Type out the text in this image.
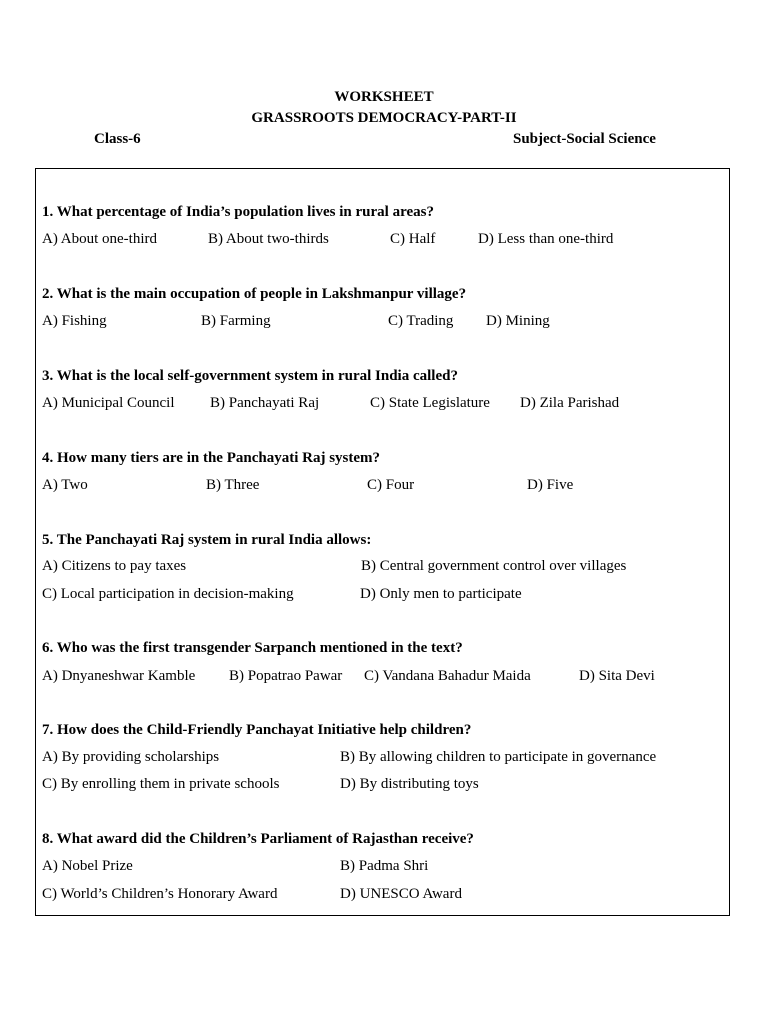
WORKSHEET
GRASSROOTS DEMOCRACY-PART-II
Class-6	Subject-Social Science
1. What percentage of India’s population lives in rural areas?
A) About one-third	B) About two-thirds	C) Half	D) Less than one-third
2. What is the main occupation of people in Lakshmanpur village?
A) Fishing	B) Farming	C) Trading D) Mining
3. What is the local self-government system in rural India called?
A) Municipal Council B) Panchayati Raj	C) State Legislature D) Zila Parishad
4. How many tiers are in the Panchayati Raj system?
A) Two	B) Three	C) Four	D) Five
5. The Panchayati Raj system in rural India allows:
A) Citizens to pay taxes	B) Central government control over villages
C) Local participation in decision-making	D) Only men to participate
6. Who was the first transgender Sarpanch mentioned in the text?
A) Dnyaneshwar Kamble B) Popatrao Pawar C) Vandana Bahadur Maida	D) Sita Devi
7. How does the Child-Friendly Panchayat Initiative help children?
A) By providing scholarships	B) By allowing children to participate in governance
C) By enrolling them in private schools	D) By distributing toys
8. What award did the Children’s Parliament of Rajasthan receive?
A) Nobel Prize	B) Padma Shri
C) World’s Children’s Honorary Award	D) UNESCO Award
